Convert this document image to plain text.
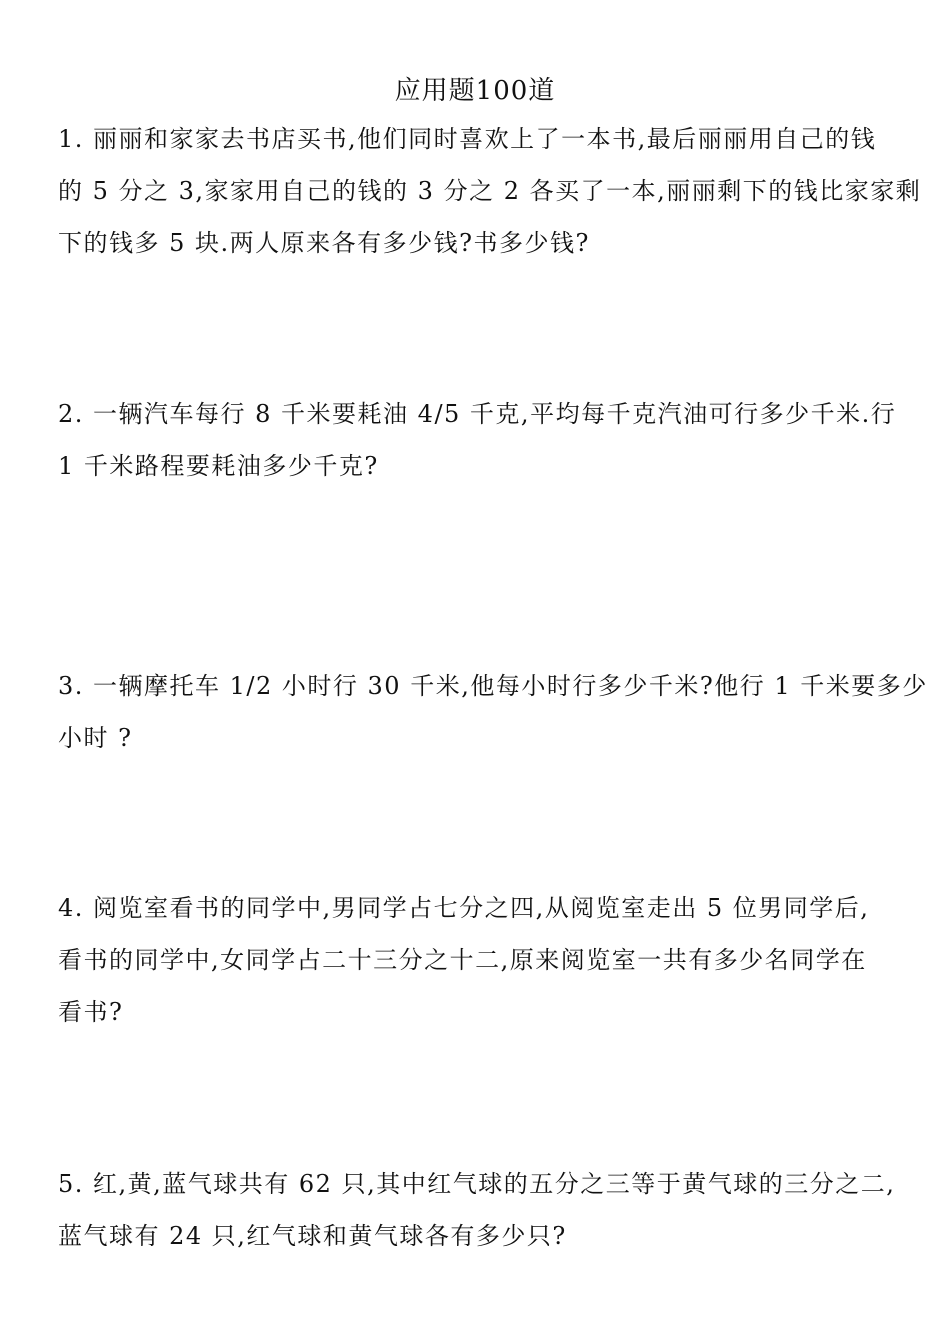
应用题100道
1. 丽丽和家家去书店买书,他们同时喜欢上了一本书,最后丽丽用自己的钱
的 5 分之 3,家家用自己的钱的 3 分之 2 各买了一本,丽丽剩下的钱比家家剩
下的钱多 5 块.两人原来各有多少钱?书多少钱?
2. 一辆汽车每行 8 千米要耗油 4/5 千克,平均每千克汽油可行多少千米.行
1 千米路程要耗油多少千克?
3. 一辆摩托车 1/2 小时行 30 千米,他每小时行多少千米?他行 1 千米要多少
小时 ?
4. 阅览室看书的同学中,男同学占七分之四,从阅览室走出 5 位男同学后,
看书的同学中,女同学占二十三分之十二,原来阅览室一共有多少名同学在
看书?
5. 红,黄,蓝气球共有 62 只,其中红气球的五分之三等于黄气球的三分之二,
蓝气球有 24 只,红气球和黄气球各有多少只?
